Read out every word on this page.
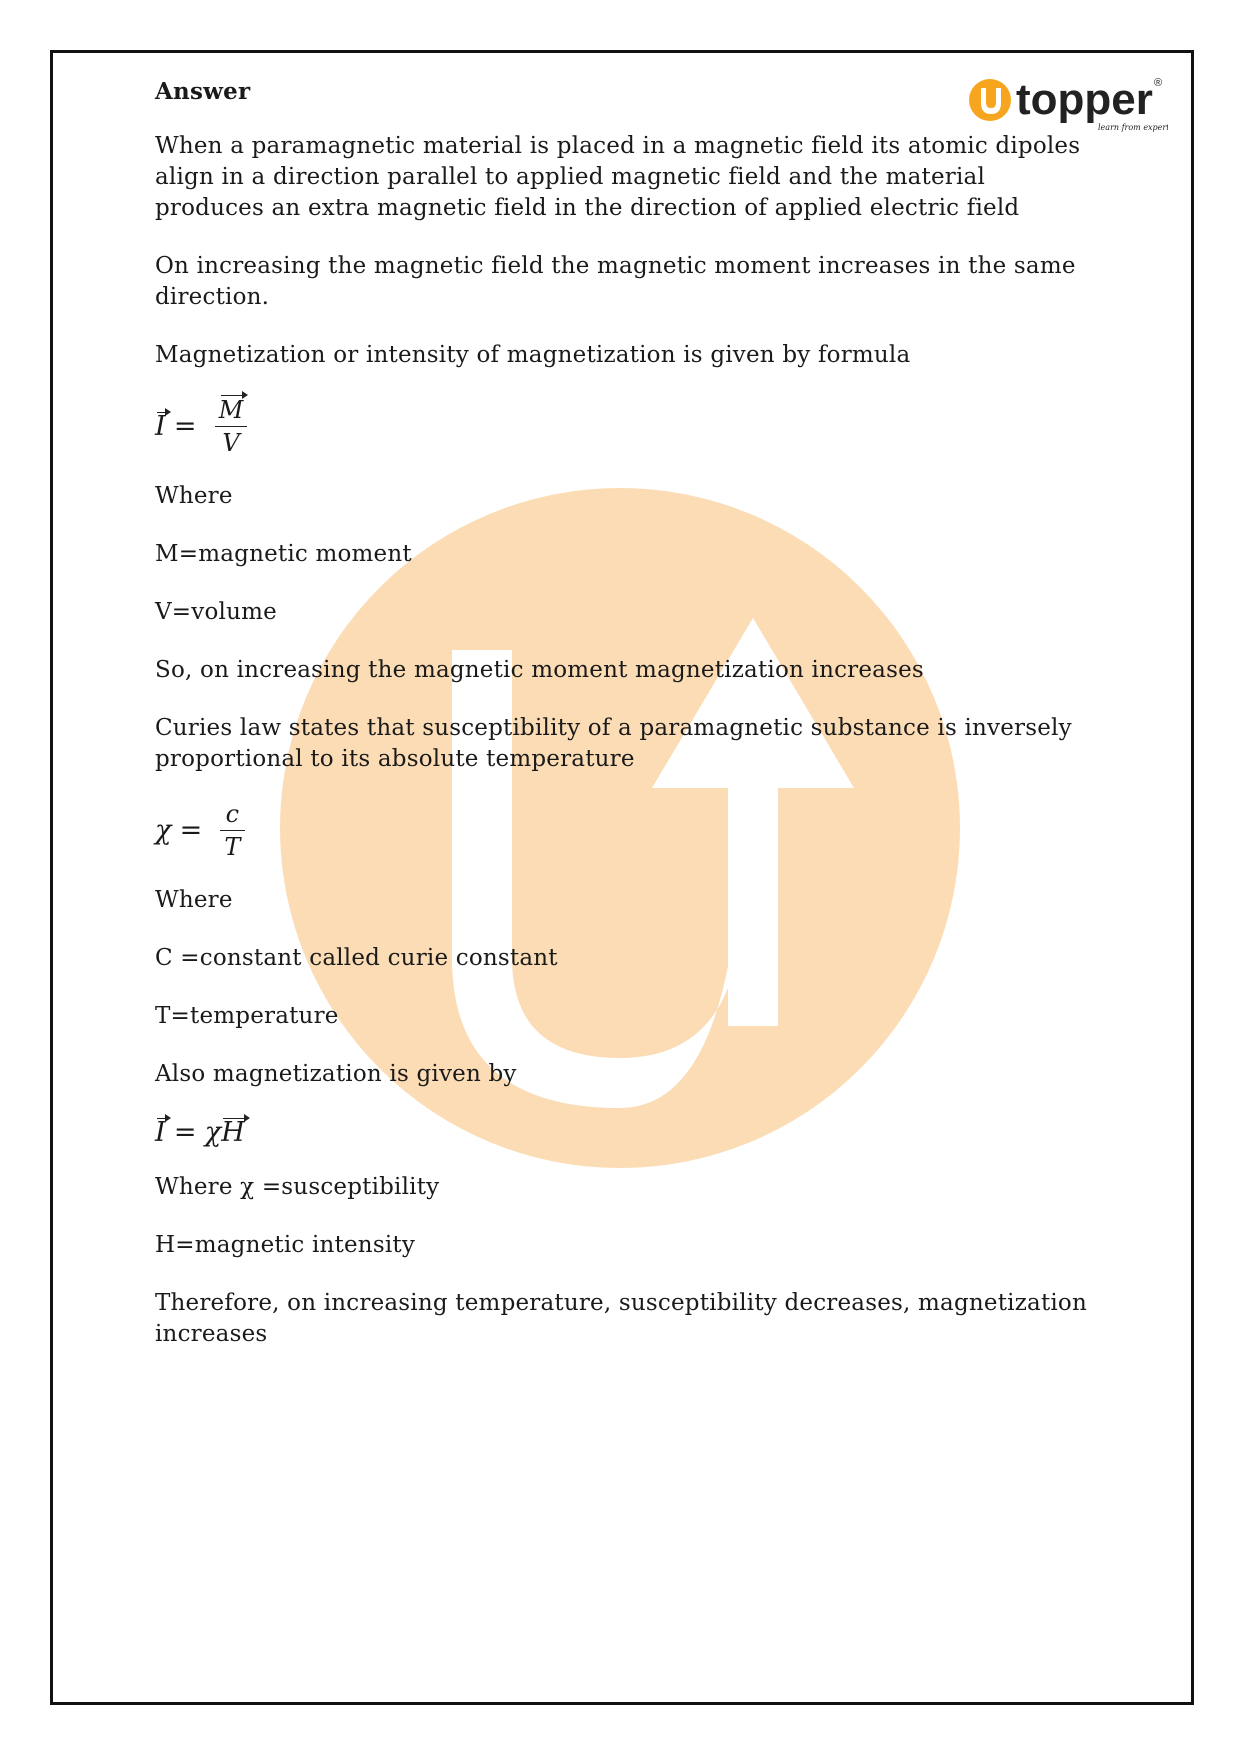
topper ®
learn from experts

Answer

When a paramagnetic material is placed in a magnetic field its atomic dipoles align in a direction parallel to applied magnetic field and the material produces an extra magnetic field in the direction of applied electric field

On increasing the magnetic field the magnetic moment increases in the same direction.

Magnetization or intensity of magnetization is given by formula

$I = \frac{M}{V}$

Where

M=magnetic moment

V=volume

So, on increasing the magnetic moment magnetization increases

Curies law states that susceptibility of a paramagnetic substance is inversely proportional to its absolute temperature

$\chi = \frac{c}{T}$

Where

C =constant called curie constant

T=temperature

Also magnetization is given by

I = χ H

Where χ =susceptibility

H=magnetic intensity

Therefore, on increasing temperature, susceptibility decreases, magnetization increases
